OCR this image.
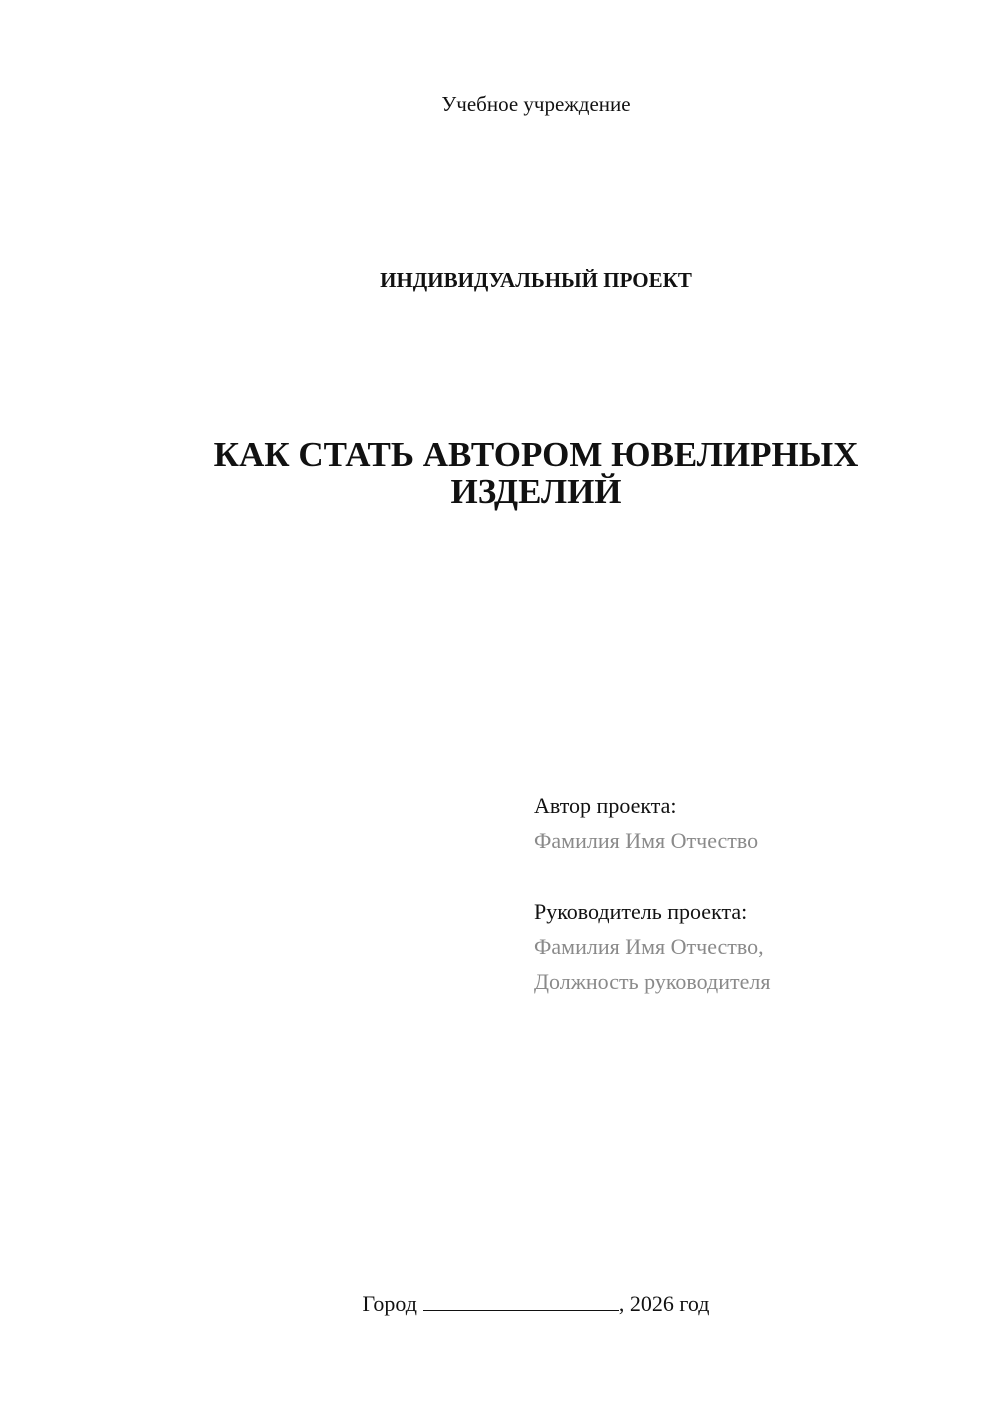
Учебное учреждение
ИНДИВИДУАЛЬНЫЙ ПРОЕКТ
КАК СТАТЬ АВТОРОМ ЮВЕЛИРНЫХ
ИЗДЕЛИЙ
Автор проекта:
Фамилия Имя Отчество
Руководитель проекта:
Фамилия Имя Отчество,
Должность руководителя
Город	, 2026 год
